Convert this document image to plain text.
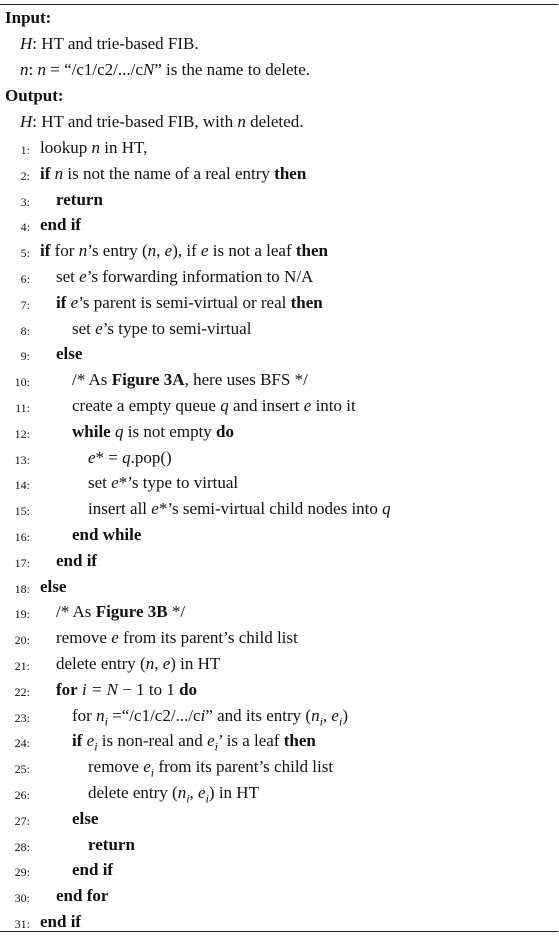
Input:
H: HT and trie-based FIB.
n: n = “/c1/c2/.../cN” is the name to delete.
Output:
H: HT and trie-based FIB, with n deleted.
1: lookup n in HT,
2: if n is not the name of a real entry then
3: return
4: end if
5: if for n’s entry (n, e), if e is not a leaf then
6: set e’s forwarding information to N/A
7: if e’s parent is semi-virtual or real then
8: set e’s type to semi-virtual
9: else
10: /* As Figure 3A, here uses BFS */
11: create a empty queue q and insert e into it
12: while q is not empty do
13:	e* = q.pop()
14:	set e*’s type to virtual
15:	insert all e*’s semi-virtual child nodes into q
16: end while
17: end if
18: else
19: /* As Figure 3B */
20: remove e from its parent’s child list
21: delete entry (n, e) in HT
22: for i = N − 1 to 1 do
23: for $n_i$ =“/c1/c2/.../ci” and its entry ($n_i$, $e_i$)
24: if $e_i$ is non-real and $e_i$’ is a leaf then
25:	remove $e_i$ from its parent’s child list
26:	delete entry ($n_i$, $e_i$) in HT
27: else
28:	return
29: end if
30: end for
31: end if
